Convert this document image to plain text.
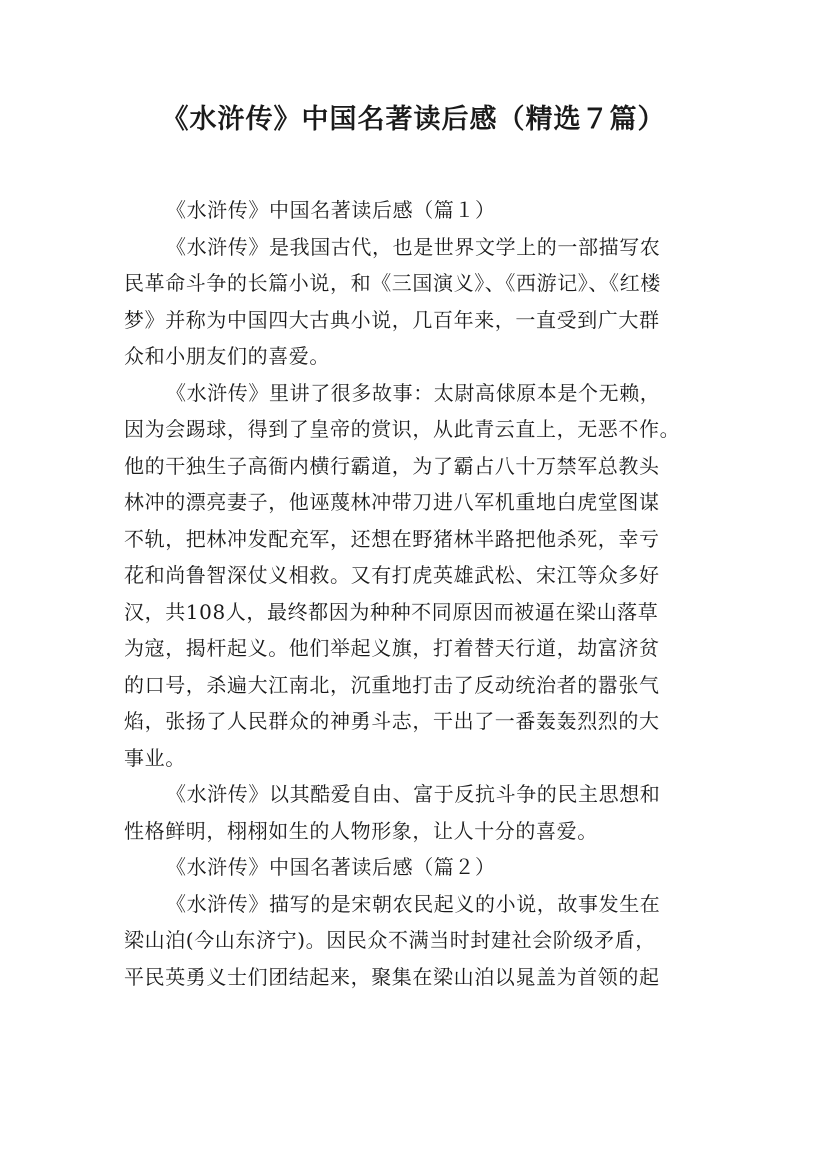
《水浒传》中国名著读后感（精选７篇）
《水浒传》中国名著读后感（篇１）
《水浒传》是我国古代，也是世界文学上的一部描写农
民革命斗争的长篇小说，和《三国演义》、《西游记》、《红楼
梦》并称为中国四大古典小说，几百年来，一直受到广大群
众和小朋友们的喜爱。
《水浒传》里讲了很多故事：太尉高俅原本是个无赖，
因为会踢球，得到了皇帝的赏识，从此青云直上，无恶不作。
他的干独生子高衙内横行霸道，为了霸占八十万禁军总教头
林冲的漂亮妻子，他诬蔑林冲带刀进八军机重地白虎堂图谋
不轨，把林冲发配充军，还想在野猪林半路把他杀死，幸亏
花和尚鲁智深仗义相救。又有打虎英雄武松、宋江等众多好
汉，共108人，最终都因为种种不同原因而被逼在梁山落草
为寇，揭杆起义。他们举起义旗，打着替天行道，劫富济贫
的口号，杀遍大江南北，沉重地打击了反动统治者的嚣张气
焰，张扬了人民群众的神勇斗志，干出了一番轰轰烈烈的大
事业。
《水浒传》以其酷爱自由、富于反抗斗争的民主思想和
性格鲜明，栩栩如生的人物形象，让人十分的喜爱。
《水浒传》中国名著读后感（篇２）
《水浒传》描写的是宋朝农民起义的小说，故事发生在
梁山泊(今山东济宁)。因民众不满当时封建社会阶级矛盾，
平民英勇义士们团结起来，聚集在梁山泊以晁盖为首领的起
